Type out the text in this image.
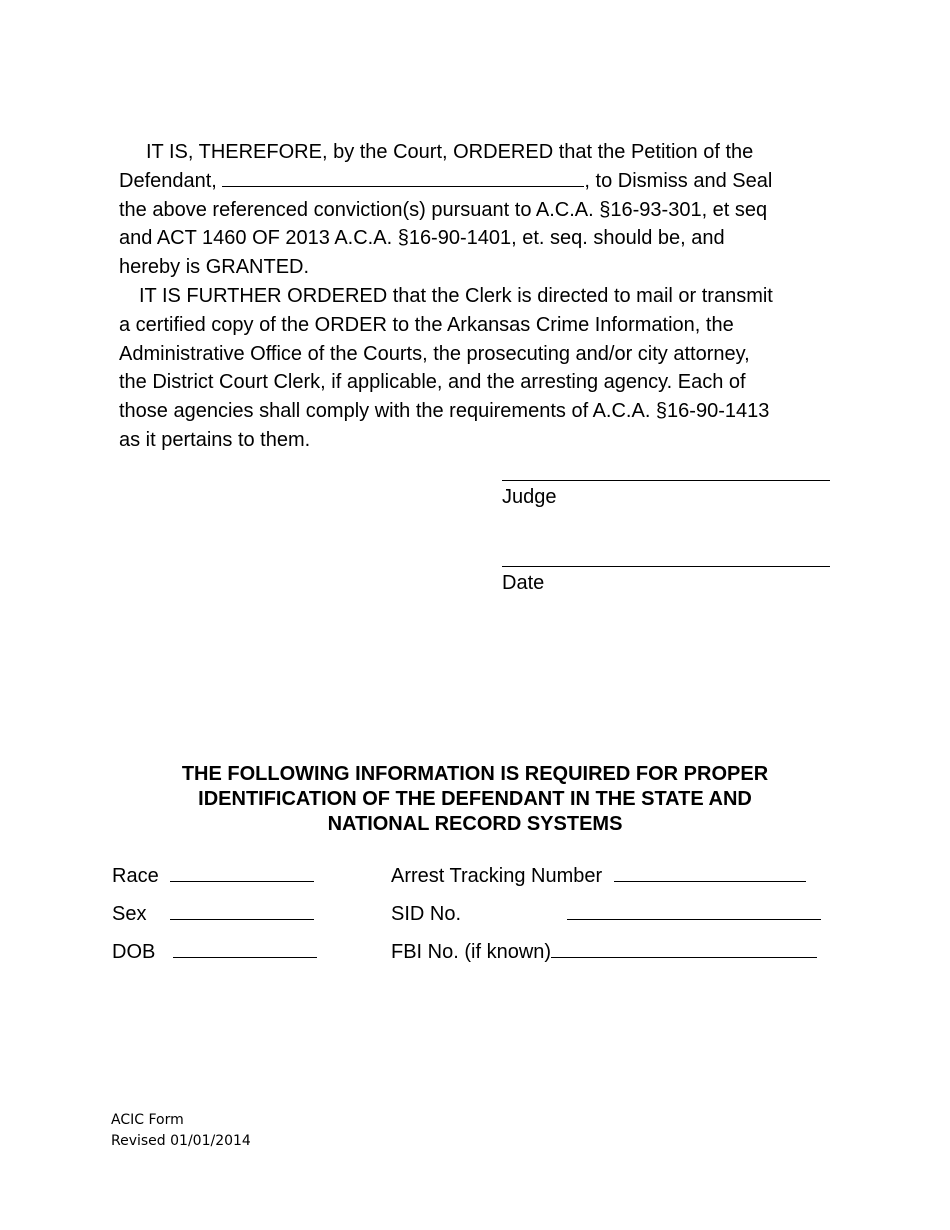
IT IS, THEREFORE, by the Court, ORDERED that the Petition of the
Defendant,	, to Dismiss and Seal
the above referenced conviction(s) pursuant to A.C.A. §16-93-301, et seq
and ACT 1460 OF 2013 A.C.A. §16-90-1401, et. seq. should be, and
hereby is GRANTED.
IT IS FURTHER ORDERED that the Clerk is directed to mail or transmit
a certified copy of the ORDER to the Arkansas Crime Information, the
Administrative Office of the Courts, the prosecuting and/or city attorney,
the District Court Clerk, if applicable, and the arresting agency. Each of
those agencies shall comply with the requirements of A.C.A. §16-90-1413
as it pertains to them.
Judge
Date
THE FOLLOWING INFORMATION IS REQUIRED FOR PROPER
IDENTIFICATION OF THE DEFENDANT IN THE STATE AND
NATIONAL RECORD SYSTEMS
Race
Sex
DOB
Arrest Tracking Number
SID No.
FBI No. (if known)
ACIC Form
Revised 01/01/2014
